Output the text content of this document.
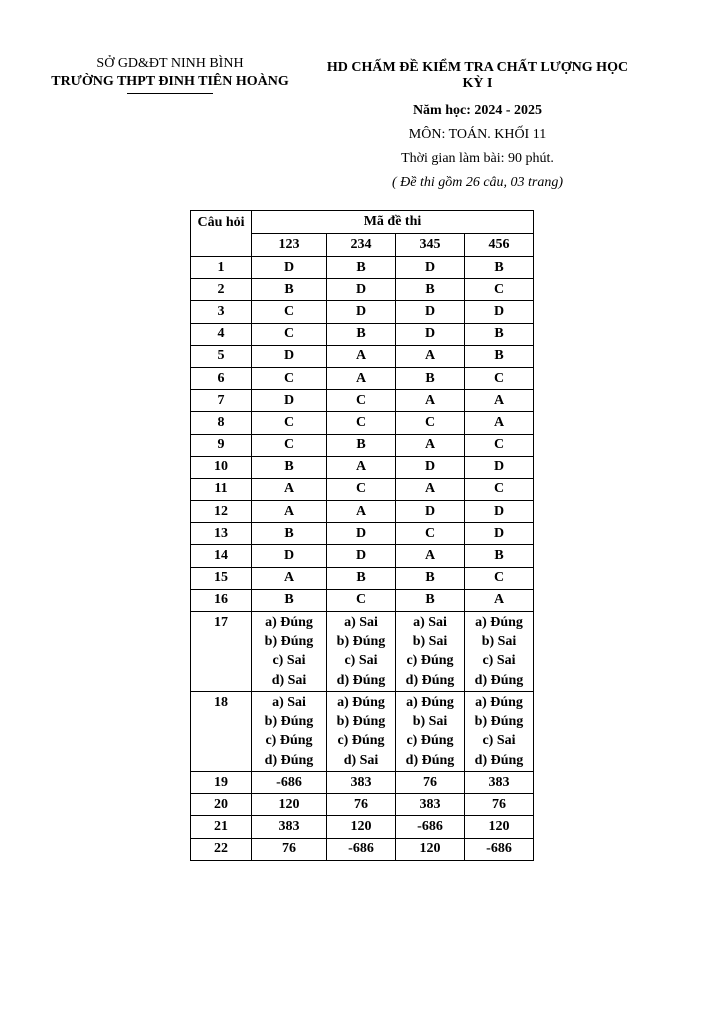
SỞ GD&ĐT NINH BÌNH
TRƯỜNG THPT ĐINH TIÊN HOÀNG
HD CHẤM ĐỀ KIỂM TRA CHẤT LƯỢNG HỌC
KỲ I
Năm học: 2024 - 2025
MÔN: TOÁN. KHỐI 11
Thời gian làm bài: 90 phút.
( Đề thi gồm 26 câu, 03 trang)
Câu hỏi	Mã đề thi			
	123	234	345	456
1	D	B	D	B
2	B	D	B	C
3	C	D	D	D
4	C	B	D	B
5	D	A	A	B
6	C	A	B	C
7	D	C	A	A
8	C	C	C	A
9	C	B	A	C
10	B	A	D	D
11	A	C	A	C
12	A	A	D	D
13	B	D	C	D
14	D	D	A	B
15	A	B	B	C
16	B	C	B	A
17	a) Đúng
b) Đúng
c) Sai
d) Sai	a) Sai
b) Đúng
c) Sai
d) Đúng	a) Sai
b) Sai
c) Đúng
d) Đúng	a) Đúng
b) Sai
c) Sai
d) Đúng

18	a) Sai
b) Đúng
c) Đúng
d) Đúng	a) Đúng
b) Đúng
c) Đúng
d) Sai	a) Đúng
b) Sai
c) Đúng
d) Đúng	a) Đúng
b) Đúng
c) Sai
d) Đúng

19	-686	383	76	383
20	120	76	383	76
21	383	120	-686	120
22	76	-686	120	-686
